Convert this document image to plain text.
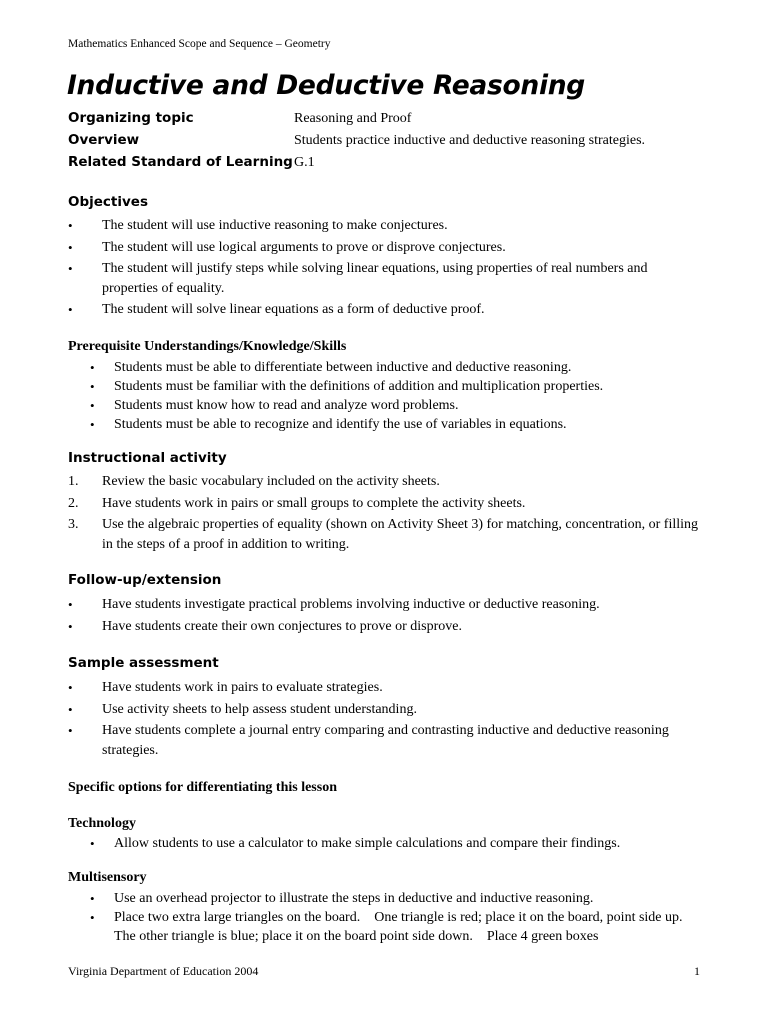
Mathematics Enhanced Scope and Sequence – Geometry
Inductive and Deductive Reasoning
Organizing topic	Reasoning and Proof
Overview	Students practice inductive and deductive reasoning strategies.
Related Standard of Learning G.1
Objectives
• The student will use inductive reasoning to make conjectures.
• The student will use logical arguments to prove or disprove conjectures.
• The student will justify steps while solving linear equations, using properties of real numbers and properties of equality.
• The student will solve linear equations as a form of deductive proof.
Prerequisite Understandings/Knowledge/Skills
• Students must be able to differentiate between inductive and deductive reasoning.
• Students must be familiar with the definitions of addition and multiplication properties.
• Students must know how to read and analyze word problems.
• Students must be able to recognize and identify the use of variables in equations.
Instructional activity
1. Review the basic vocabulary included on the activity sheets.
2. Have students work in pairs or small groups to complete the activity sheets.
3. Use the algebraic properties of equality (shown on Activity Sheet 3) for matching, concentration, or filling in the steps of a proof in addition to writing.
Follow-up/extension
• Have students investigate practical problems involving inductive or deductive reasoning.
• Have students create their own conjectures to prove or disprove.
Sample assessment
• Have students work in pairs to evaluate strategies.
• Use activity sheets to help assess student understanding.
• Have students complete a journal entry comparing and contrasting inductive and deductive reasoning strategies.
Specific options for differentiating this lesson
Technology
• Allow students to use a calculator to make simple calculations and compare their findings.
Multisensory
• Use an overhead projector to illustrate the steps in deductive and inductive reasoning.
• Place two extra large triangles on the board.    One triangle is red; place it on the board, point side up.    The other triangle is blue; place it on the board point side down.    Place 4 green boxes
Virginia Department of Education 2004	1
